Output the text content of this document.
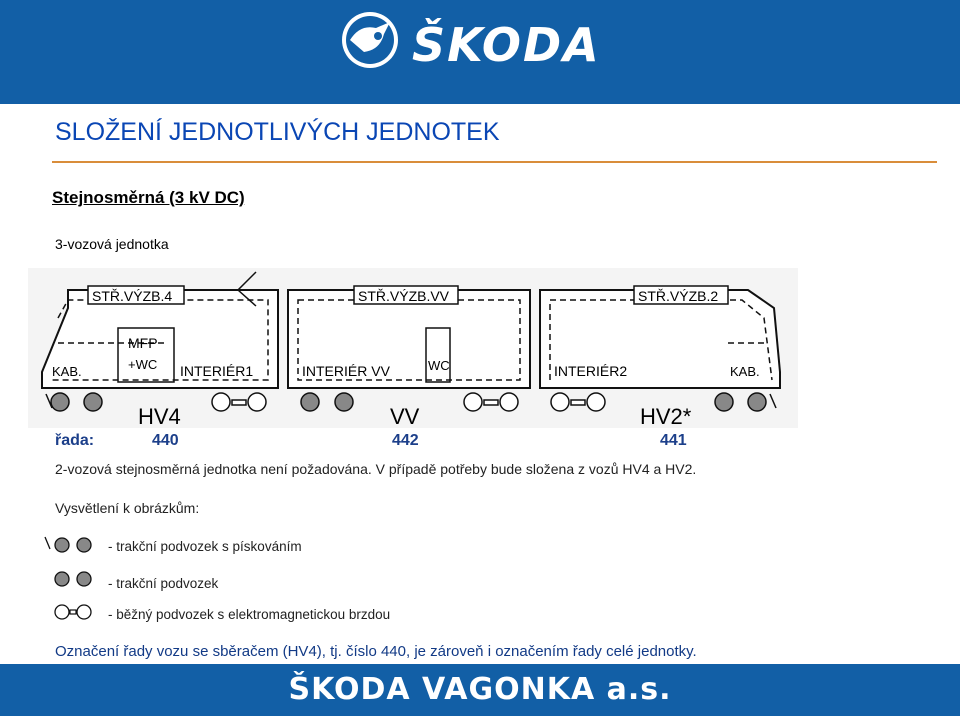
ŠKODA
SLOŽENÍ JEDNOTLIVÝCH JEDNOTEK
Stejnosměrná (3 kV DC)
3-vozová jednotka
STŘ.VÝZB.4
KAB.
MFP
+WC INTERIÉR1
HV4
STŘ.VÝZB.VV
INTERIÉR VV	WC
VV
STŘ.VÝZB.2
INTERIÉR2	KAB.
HV2*
řada:	440	442	441
2-vozová stejnosměrná jednotka není požadována. V případě potřeby bude složena z vozů HV4 a HV2.
Vysvětlení k obrázkům:
- trakční podvozek s pískováním
- trakční podvozek
- běžný podvozek s elektromagnetickou brzdou
Označení řady vozu se sběračem (HV4), tj. číslo 440, je zároveň i označením řady celé jednotky.
ŠKODA VAGONKA a.s.
